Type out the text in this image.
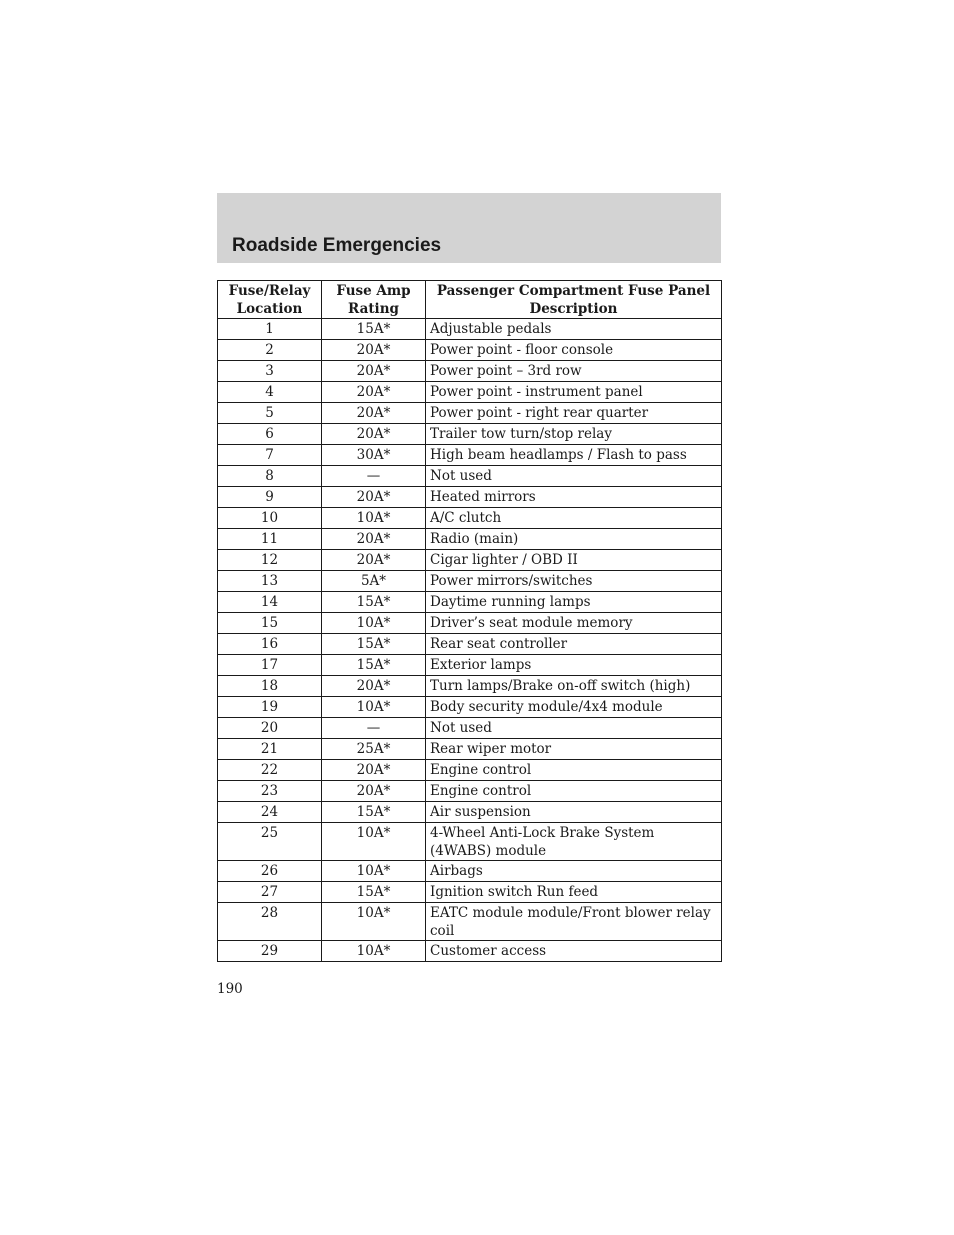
Roadside Emergencies
Fuse/Relay Location	Fuse Amp Rating	Passenger Compartment Fuse Panel Description
1	15A*	Adjustable pedals
2	20A*	Power point - floor console
3	20A*	Power point – 3rd row
4	20A*	Power point - instrument panel
5	20A*	Power point - right rear quarter
6	20A*	Trailer tow turn/stop relay
7	30A*	High beam headlamps / Flash to pass
8	—	Not used
9	20A*	Heated mirrors
10	10A*	A/C clutch
11	20A*	Radio (main)
12	20A*	Cigar lighter / OBD II
13	5A*	Power mirrors/switches
14	15A*	Daytime running lamps
15	10A*	Driver’s seat module memory
16	15A*	Rear seat controller
17	15A*	Exterior lamps
18	20A*	Turn lamps/Brake on-off switch (high)
19	10A*	Body security module/4x4 module
20	—	Not used
21	25A*	Rear wiper motor
22	20A*	Engine control
23	20A*	Engine control
24	15A*	Air suspension
25	10A*	4-Wheel Anti-Lock Brake System (4WABS) module
26	10A*	Airbags
27	15A*	Ignition switch Run feed
28	10A*	EATC module module/Front blower relay coil
29	10A*	Customer access
190
